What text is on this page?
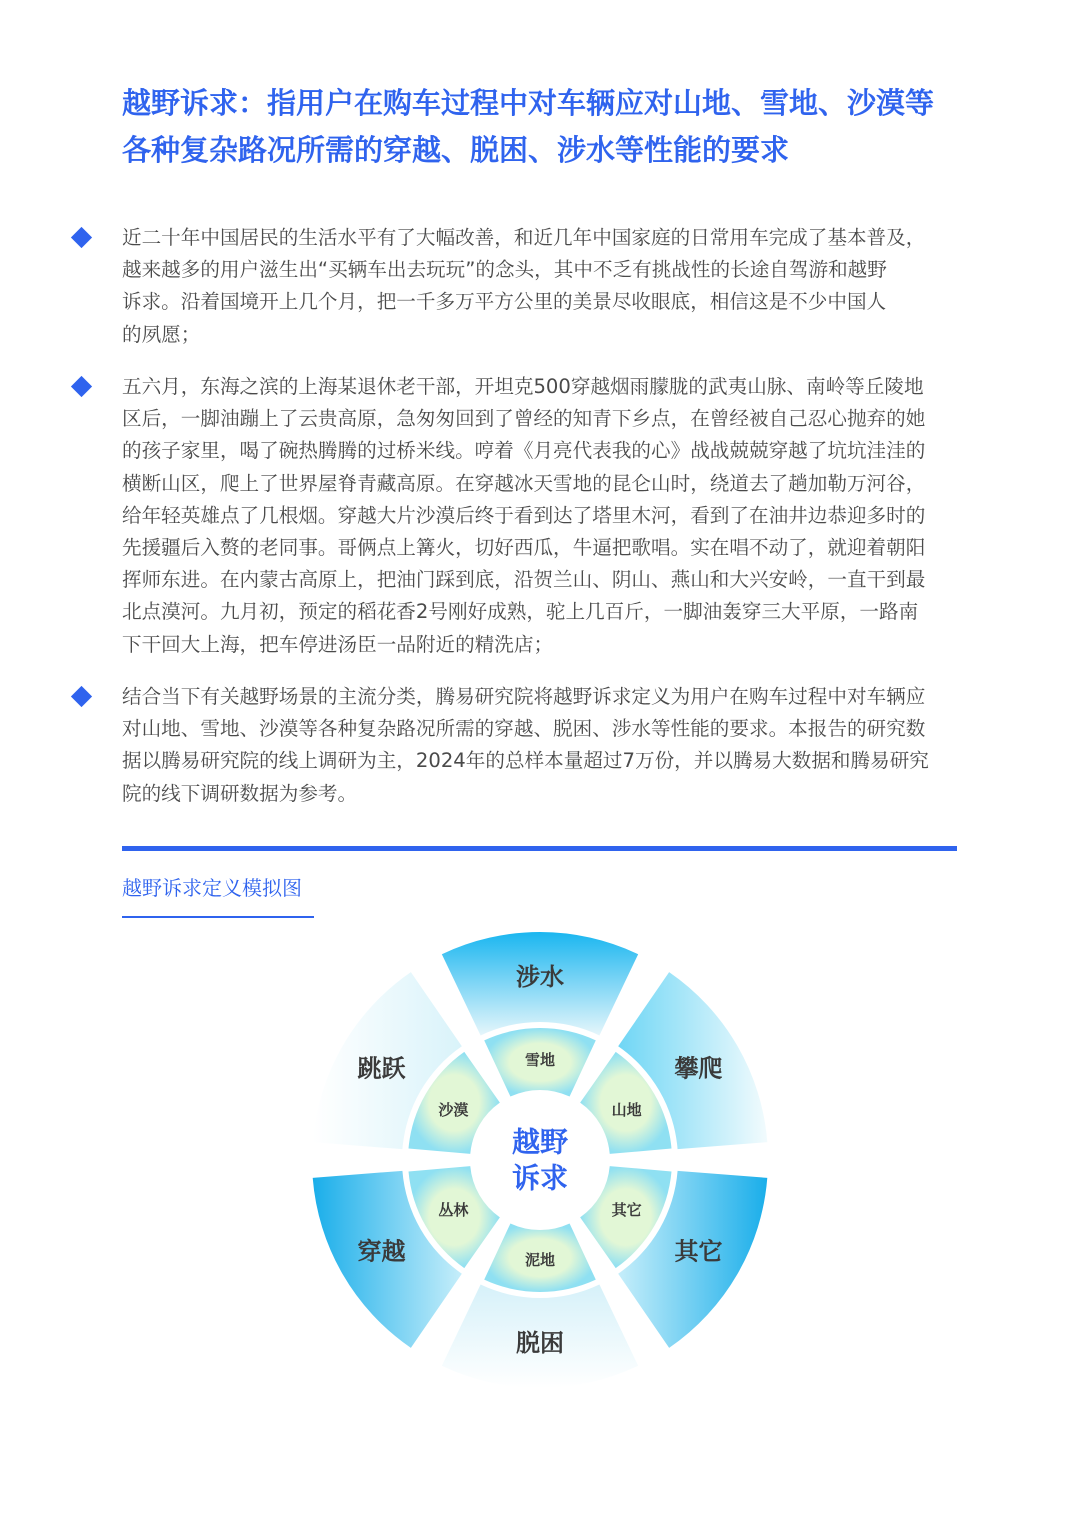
越野诉求：指用户在购车过程中对车辆应对山地、雪地、沙漠等
各种复杂路况所需的穿越、脱困、涉水等性能的要求
近二十年中国居民的生活水平有了大幅改善，和近几年中国家庭的日常用车完成了基本普及，
越来越多的用户滋生出“买辆车出去玩玩”的念头，其中不乏有挑战性的长途自驾游和越野
诉求。沿着国境开上几个月，把一千多万平方公里的美景尽收眼底，相信这是不少中国人
的夙愿；
五六月，东海之滨的上海某退休老干部，开坦克500穿越烟雨朦胧的武夷山脉、南岭等丘陵地
区后，一脚油蹦上了云贵高原，急匆匆回到了曾经的知青下乡点，在曾经被自己忍心抛弃的她
的孩子家里，喝了碗热腾腾的过桥米线。哼着《月亮代表我的心》战战兢兢穿越了坑坑洼洼的
横断山区，爬上了世界屋脊青藏高原。在穿越冰天雪地的昆仑山时，绕道去了趟加勒万河谷，
给年轻英雄点了几根烟。穿越大片沙漠后终于看到达了塔里木河，看到了在油井边恭迎多时的
先援疆后入赘的老同事。哥俩点上篝火，切好西瓜，牛逼把歌唱。实在唱不动了，就迎着朝阳
挥师东进。在内蒙古高原上，把油门踩到底，沿贺兰山、阴山、燕山和大兴安岭，一直干到最
北点漠河。九月初，预定的稻花香2号刚好成熟，驼上几百斤，一脚油轰穿三大平原，一路南
下干回大上海，把车停进汤臣一品附近的精洗店；
结合当下有关越野场景的主流分类，腾易研究院将越野诉求定义为用户在购车过程中对车辆应
对山地、雪地、沙漠等各种复杂路况所需的穿越、脱困、涉水等性能的要求。本报告的研究数
据以腾易研究院的线上调研为主，2024年的总样本量超过7万份，并以腾易大数据和腾易研究
院的线下调研数据为参考。
越野诉求定义模拟图
涉水
雪地	攀爬
山地
其它
其它
脱困
泥地
穿越
丛林
跳跃
沙漠
越野
诉求
